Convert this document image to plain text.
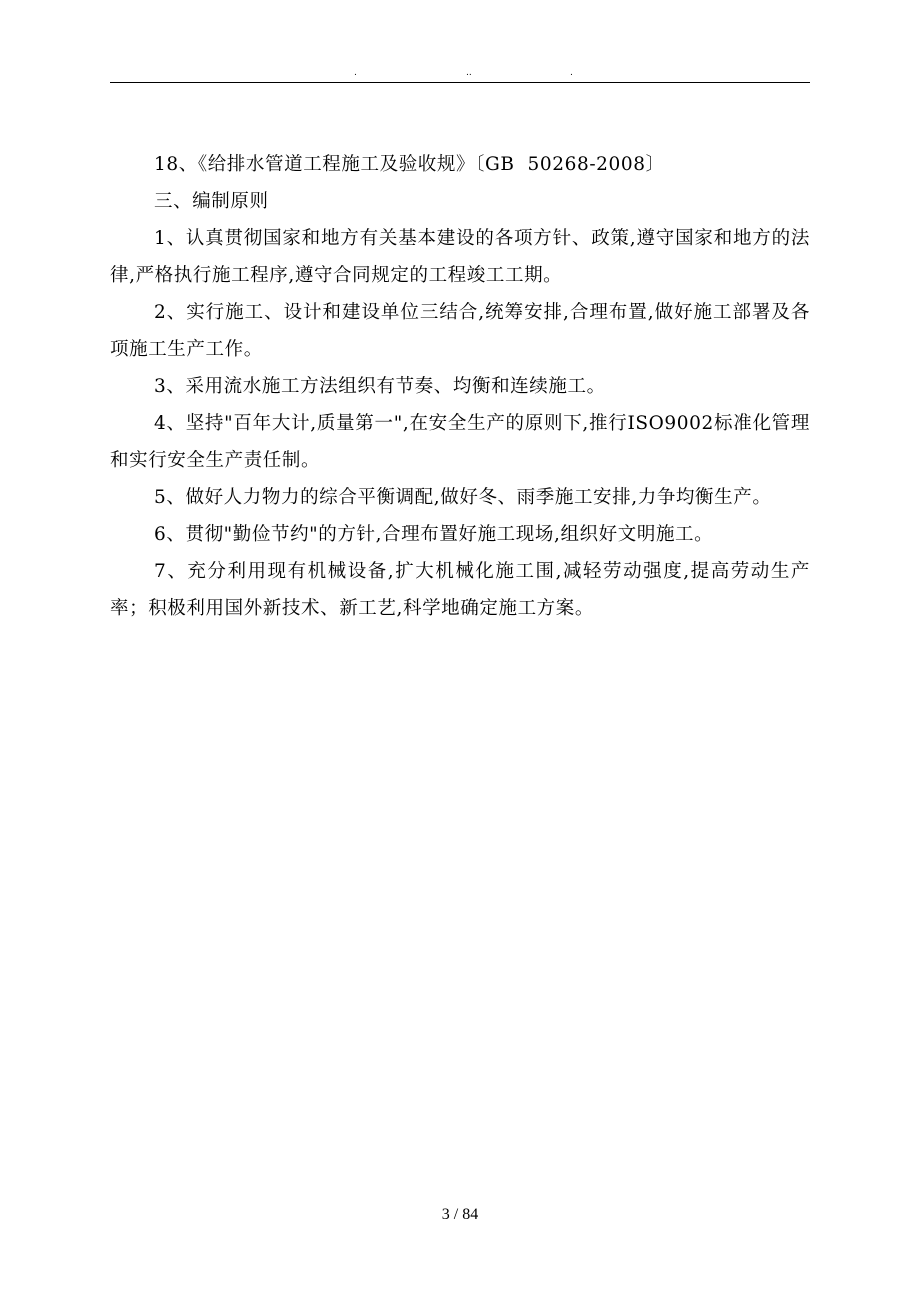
.	..	.

18、《给排水管道工程施工及验收规》〔GB  50268-2008〕

三、编制原则

1、认真贯彻国家和地方有关基本建设的各项方针、政策,遵守国家和地方的法律,严格执行施工程序,遵守合同规定的工程竣工工期。

2、实行施工、设计和建设单位三结合,统筹安排,合理布置,做好施工部署及各项施工生产工作。

3、采用流水施工方法组织有节奏、均衡和连续施工。

4、坚持"百年大计,质量第一",在安全生产的原则下,推行ISO9002标准化管理和实行安全生产责任制。

5、做好人力物力的综合平衡调配,做好冬、雨季施工安排,力争均衡生产。

6、贯彻"勤俭节约"的方针,合理布置好施工现场,组织好文明施工。

7、充分利用现有机械设备,扩大机械化施工围,减轻劳动强度,提高劳动生产率；积极利用国外新技术、新工艺,科学地确定施工方案。

3 / 84
